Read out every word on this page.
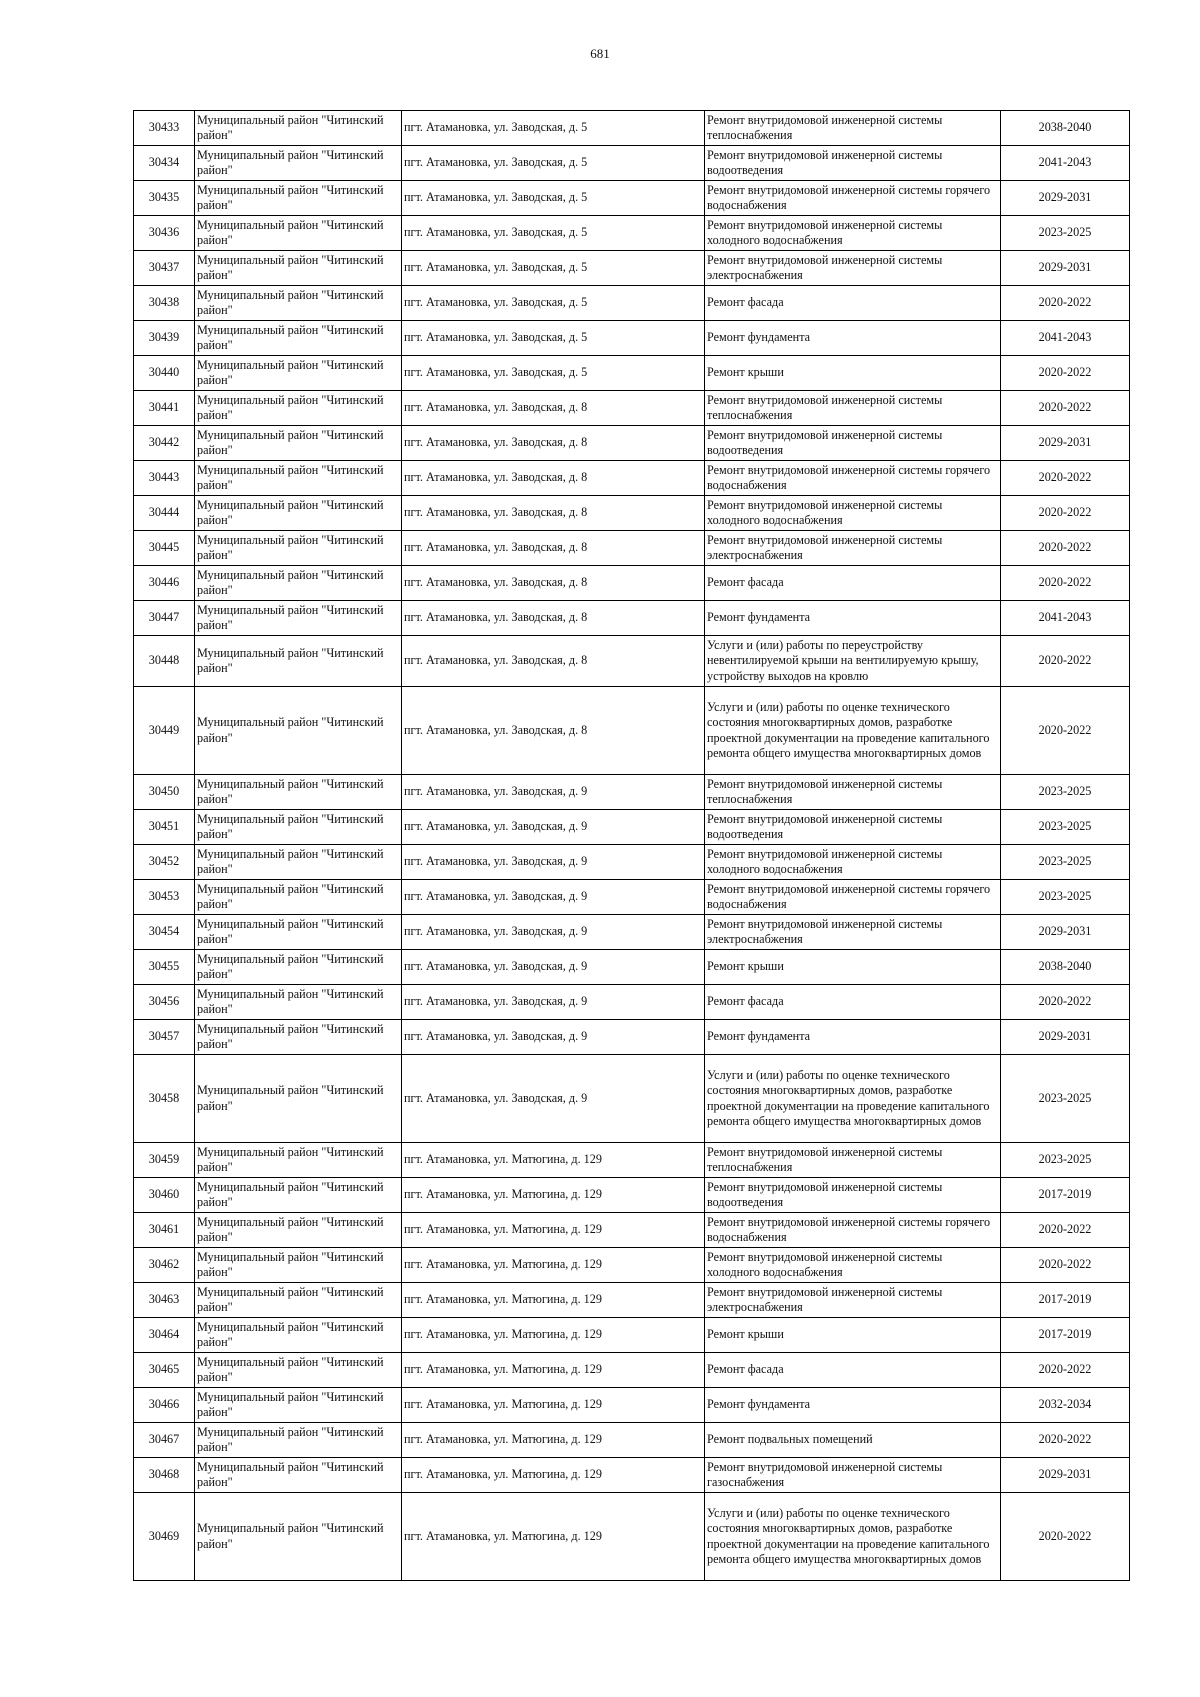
681
30433	Муниципальный район "Читинский район"	пгт. Атамановка, ул. Заводская, д. 5	Ремонт внутридомовой инженерной системы теплоснабжения	2038-2040
30434	Муниципальный район "Читинский район"	пгт. Атамановка, ул. Заводская, д. 5	Ремонт внутридомовой инженерной системы водоотведения	2041-2043
30435	Муниципальный район "Читинский район"	пгт. Атамановка, ул. Заводская, д. 5	Ремонт внутридомовой инженерной системы горячего водоснабжения	2029-2031
30436	Муниципальный район "Читинский район"	пгт. Атамановка, ул. Заводская, д. 5	Ремонт внутридомовой инженерной системы холодного водоснабжения	2023-2025
30437	Муниципальный район "Читинский район"	пгт. Атамановка, ул. Заводская, д. 5	Ремонт внутридомовой инженерной системы электроснабжения	2029-2031
30438	Муниципальный район "Читинский район"	пгт. Атамановка, ул. Заводская, д. 5	Ремонт фасада	2020-2022
30439	Муниципальный район "Читинский район"	пгт. Атамановка, ул. Заводская, д. 5	Ремонт фундамента	2041-2043
30440	Муниципальный район "Читинский район"	пгт. Атамановка, ул. Заводская, д. 5	Ремонт крыши	2020-2022
30441	Муниципальный район "Читинский район"	пгт. Атамановка, ул. Заводская, д. 8	Ремонт внутридомовой инженерной системы теплоснабжения	2020-2022
30442	Муниципальный район "Читинский район"	пгт. Атамановка, ул. Заводская, д. 8	Ремонт внутридомовой инженерной системы водоотведения	2029-2031
30443	Муниципальный район "Читинский район"	пгт. Атамановка, ул. Заводская, д. 8	Ремонт внутридомовой инженерной системы горячего водоснабжения	2020-2022
30444	Муниципальный район "Читинский район"	пгт. Атамановка, ул. Заводская, д. 8	Ремонт внутридомовой инженерной системы холодного водоснабжения	2020-2022
30445	Муниципальный район "Читинский район"	пгт. Атамановка, ул. Заводская, д. 8	Ремонт внутридомовой инженерной системы электроснабжения	2020-2022
30446	Муниципальный район "Читинский район"	пгт. Атамановка, ул. Заводская, д. 8	Ремонт фасада	2020-2022
30447	Муниципальный район "Читинский район"	пгт. Атамановка, ул. Заводская, д. 8	Ремонт фундамента	2041-2043
30448	Муниципальный район "Читинский район"	пгт. Атамановка, ул. Заводская, д. 8	Услуги и (или) работы по переустройству невентилируемой крыши на вентилируемую крышу, устройству выходов на кровлю	2020-2022
30449	Муниципальный район "Читинский район"	пгт. Атамановка, ул. Заводская, д. 8	Услуги и (или) работы по оценке технического состояния многоквартирных домов, разработке проектной документации на проведение капитального ремонта общего имущества многоквартирных домов	2020-2022
30450	Муниципальный район "Читинский район"	пгт. Атамановка, ул. Заводская, д. 9	Ремонт внутридомовой инженерной системы теплоснабжения	2023-2025
30451	Муниципальный район "Читинский район"	пгт. Атамановка, ул. Заводская, д. 9	Ремонт внутридомовой инженерной системы водоотведения	2023-2025
30452	Муниципальный район "Читинский район"	пгт. Атамановка, ул. Заводская, д. 9	Ремонт внутридомовой инженерной системы холодного водоснабжения	2023-2025
30453	Муниципальный район "Читинский район"	пгт. Атамановка, ул. Заводская, д. 9	Ремонт внутридомовой инженерной системы горячего водоснабжения	2023-2025
30454	Муниципальный район "Читинский район"	пгт. Атамановка, ул. Заводская, д. 9	Ремонт внутридомовой инженерной системы электроснабжения	2029-2031
30455	Муниципальный район "Читинский район"	пгт. Атамановка, ул. Заводская, д. 9	Ремонт крыши	2038-2040
30456	Муниципальный район "Читинский район"	пгт. Атамановка, ул. Заводская, д. 9	Ремонт фасада	2020-2022
30457	Муниципальный район "Читинский район"	пгт. Атамановка, ул. Заводская, д. 9	Ремонт фундамента	2029-2031
30458	Муниципальный район "Читинский район"	пгт. Атамановка, ул. Заводская, д. 9	Услуги и (или) работы по оценке технического состояния многоквартирных домов, разработке проектной документации на проведение капитального ремонта общего имущества многоквартирных домов	2023-2025
30459	Муниципальный район "Читинский район"	пгт. Атамановка, ул. Матюгина, д. 129	Ремонт внутридомовой инженерной системы теплоснабжения	2023-2025
30460	Муниципальный район "Читинский район"	пгт. Атамановка, ул. Матюгина, д. 129	Ремонт внутридомовой инженерной системы водоотведения	2017-2019
30461	Муниципальный район "Читинский район"	пгт. Атамановка, ул. Матюгина, д. 129	Ремонт внутридомовой инженерной системы горячего водоснабжения	2020-2022
30462	Муниципальный район "Читинский район"	пгт. Атамановка, ул. Матюгина, д. 129	Ремонт внутридомовой инженерной системы холодного водоснабжения	2020-2022
30463	Муниципальный район "Читинский район"	пгт. Атамановка, ул. Матюгина, д. 129	Ремонт внутридомовой инженерной системы электроснабжения	2017-2019
30464	Муниципальный район "Читинский район"	пгт. Атамановка, ул. Матюгина, д. 129	Ремонт крыши	2017-2019
30465	Муниципальный район "Читинский район"	пгт. Атамановка, ул. Матюгина, д. 129	Ремонт фасада	2020-2022
30466	Муниципальный район "Читинский район"	пгт. Атамановка, ул. Матюгина, д. 129	Ремонт фундамента	2032-2034
30467	Муниципальный район "Читинский район"	пгт. Атамановка, ул. Матюгина, д. 129	Ремонт подвальных помещений	2020-2022
30468	Муниципальный район "Читинский район"	пгт. Атамановка, ул. Матюгина, д. 129	Ремонт внутридомовой инженерной системы газоснабжения	2029-2031
30469	Муниципальный район "Читинский район"	пгт. Атамановка, ул. Матюгина, д. 129	Услуги и (или) работы по оценке технического состояния многоквартирных домов, разработке проектной документации на проведение капитального ремонта общего имущества многоквартирных домов	2020-2022
